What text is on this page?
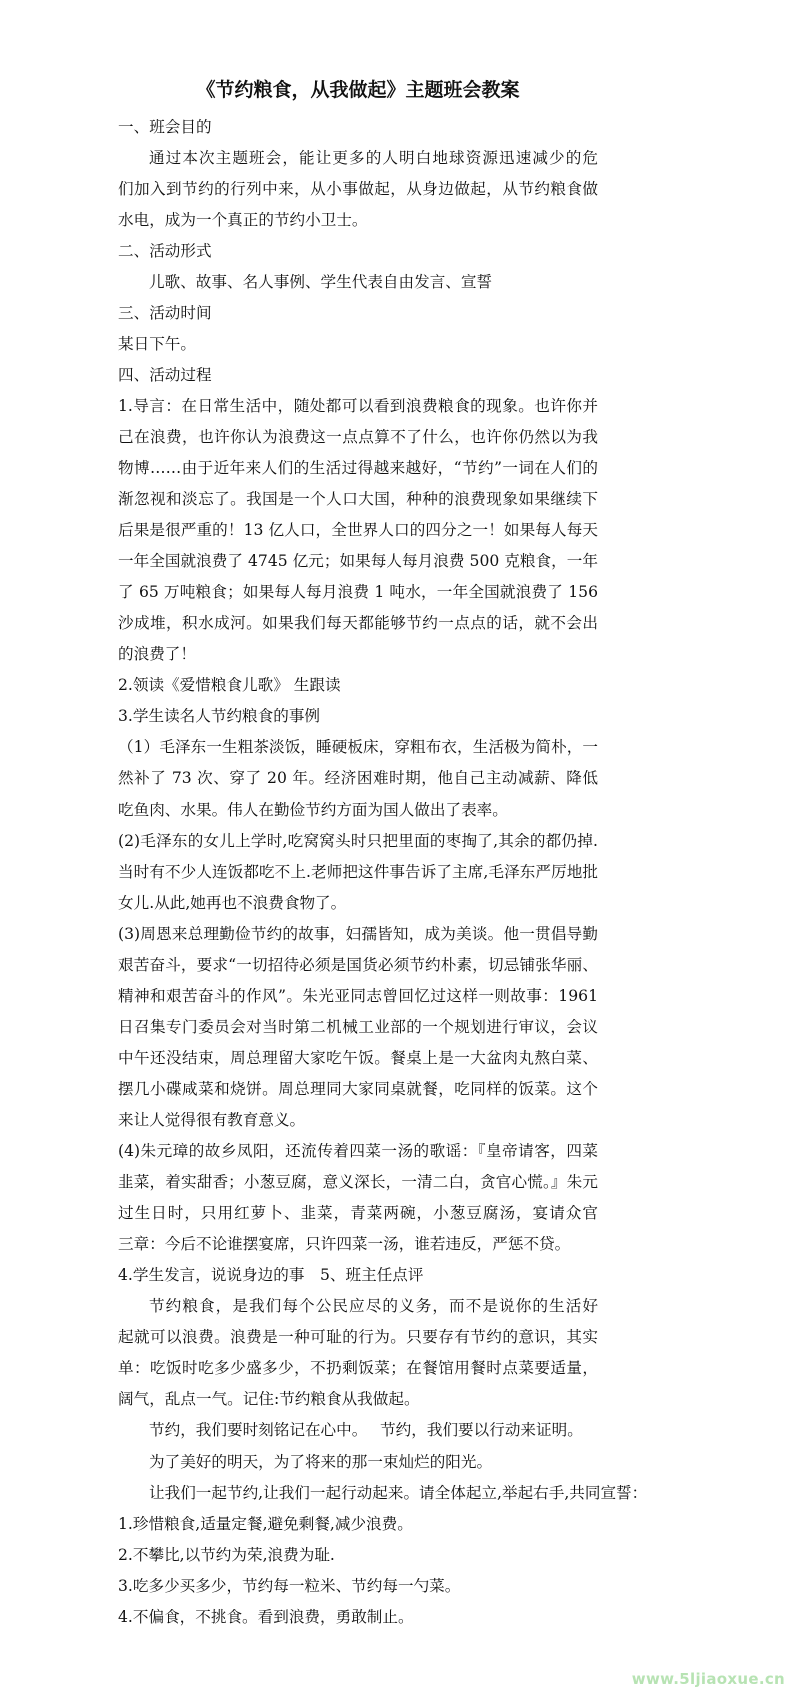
《节约粮食，从我做起》主题班会教案
一、班会目的
通过本次主题班会，能让更多的人明白地球资源迅速减少的危
们加入到节约的行列中来，从小事做起，从身边做起，从节约粮食做
水电，成为一个真正的节约小卫士。
二、活动形式
儿歌、故事、名人事例、学生代表自由发言、宣誓
三、活动时间
某日下午。
四、活动过程
1.导言：在日常生活中，随处都可以看到浪费粮食的现象。也许你并
己在浪费，也许你认为浪费这一点点算不了什么，也许你仍然以为我
物博……由于近年来人们的生活过得越来越好，“节约”一词在人们的
渐忽视和淡忘了。我国是一个人口大国，种种的浪费现象如果继续下
后果是很严重的！13 亿人口，全世界人口的四分之一！如果每人每天
一年全国就浪费了 4745 亿元；如果每人每月浪费 500 克粮食，一年
了 65 万吨粮食；如果每人每月浪费 1 吨水，一年全国就浪费了 156
沙成堆，积水成河。如果我们每天都能够节约一点点的话，就不会出
的浪费了！
2.领读《爱惜粮食儿歌》 生跟读
3.学生读名人节约粮食的事例
（1）毛泽东一生粗茶淡饭，睡硬板床，穿粗布衣，生活极为简朴，一
然补了 73 次、穿了 20 年。经济困难时期，他自己主动减薪、降低
吃鱼肉、水果。伟人在勤俭节约方面为国人做出了表率。
(2)毛泽东的女儿上学时,吃窝窝头时只把里面的枣掏了,其余的都仍掉.
当时有不少人连饭都吃不上.老师把这件事告诉了主席,毛泽东严厉地批
女儿.从此,她再也不浪费食物了。
(3)周恩来总理勤俭节约的故事，妇孺皆知，成为美谈。他一贯倡导勤
艰苦奋斗，要求“一切招待必须是国货必须节约朴素，切忌铺张华丽、
精神和艰苦奋斗的作风”。朱光亚同志曾回忆过这样一则故事：1961
日召集专门委员会对当时第二机械工业部的一个规划进行审议，会议
中午还没结束，周总理留大家吃午饭。餐桌上是一大盆肉丸熬白菜、
摆几小碟咸菜和烧饼。周总理同大家同桌就餐，吃同样的饭菜。这个
来让人觉得很有教育意义。
(4)朱元璋的故乡凤阳，还流传着四菜一汤的歌谣：『皇帝请客，四菜
韭菜，着实甜香；小葱豆腐，意义深长，一清二白，贪官心慌。』朱元
过生日时，只用红萝卜、韭菜，青菜两碗，小葱豆腐汤，宴请众官
三章：今后不论谁摆宴席，只许四菜一汤，谁若违反，严惩不贷。
4.学生发言，说说身边的事　5、班主任点评
节约粮食，是我们每个公民应尽的义务，而不是说你的生活好
起就可以浪费。浪费是一种可耻的行为。只要存有节约的意识，其实
单：吃饭时吃多少盛多少，不扔剩饭菜；在餐馆用餐时点菜要适量，
阔气，乱点一气。记住:节约粮食从我做起。
节约，我们要时刻铭记在心中。　 节约，我们要以行动来证明。
为了美好的明天，为了将来的那一束灿烂的阳光。
让我们一起节约,让我们一起行动起来。请全体起立,举起右手,共同宣誓：
1.珍惜粮食,适量定餐,避免剩餐,减少浪费。
2.不攀比,以节约为荣,浪费为耻.
3.吃多少买多少，节约每一粒米、节约每一勺菜。
4.不偏食，不挑食。看到浪费，勇敢制止。
www.5ljiaoxue.cn
